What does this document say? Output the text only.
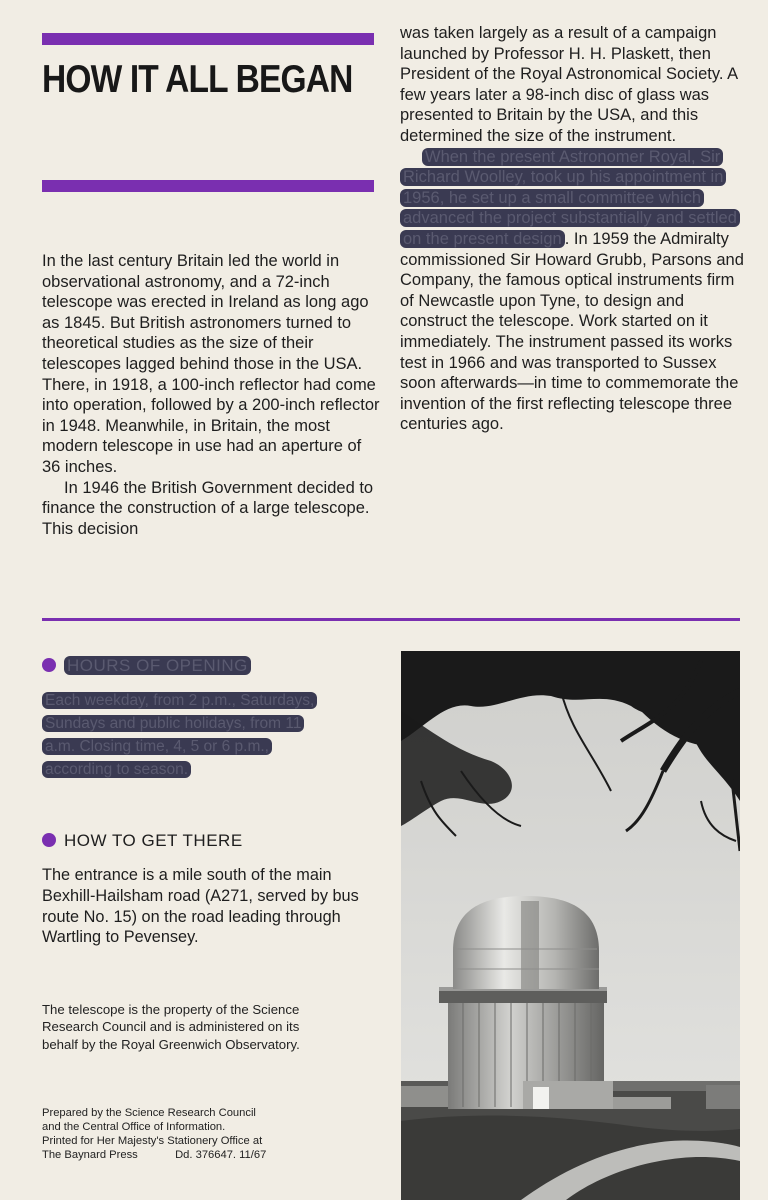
HOW IT ALL BEGAN

In the last century Britain led the world in observational astronomy, and a 72-inch telescope was erected in Ireland as long ago as 1845. But British astronomers turned to theoretical studies as the size of their telescopes lagged behind those in the USA. There, in 1918, a 100-inch reflector had come into operation, followed by a 200-inch reflector in 1948. Meanwhile, in Britain, the most modern telescope in use had an aperture of 36 inches.

In 1946 the British Government decided to finance the construction of a large telescope. This decision

was taken largely as a result of a campaign launched by Professor H. H. Plaskett, then President of the Royal Astronomical Society. A few years later a 98-inch disc of glass was presented to Britain by the USA, and this determined the size of the instrument.

When the present Astronomer Royal, Sir Richard Woolley, took up his appointment in 1956, he set up a small committee which advanced the project substantially and settled on the present design . In 1959 the Admiralty commissioned Sir Howard Grubb, Parsons and Company, the famous optical instruments firm of Newcastle upon Tyne, to design and construct the telescope. Work started on it immediately. The instrument passed its works test in 1966 and was transported to Sussex soon afterwards—in time to commemorate the invention of the first reflecting telescope three centuries ago.

HOURS OF OPENING

Each weekday, from 2 p.m., Saturdays, Sundays and public holidays, from 11 a.m. Closing time, 4, 5 or 6 p.m., according to season.

HOW TO GET THERE

The entrance is a mile south of the main Bexhill-Hailsham road (A271, served by bus route No. 15) on the road leading through Wartling to Pevensey.

The telescope is the property of the Science Research Council and is administered on its behalf by the Royal Greenwich Observatory.
Prepared by the Science Research Council
and the Central Office of Information.
Printed for Her Majesty's Stationery Office at
The Baynard Press	Dd. 376647. 11/67
